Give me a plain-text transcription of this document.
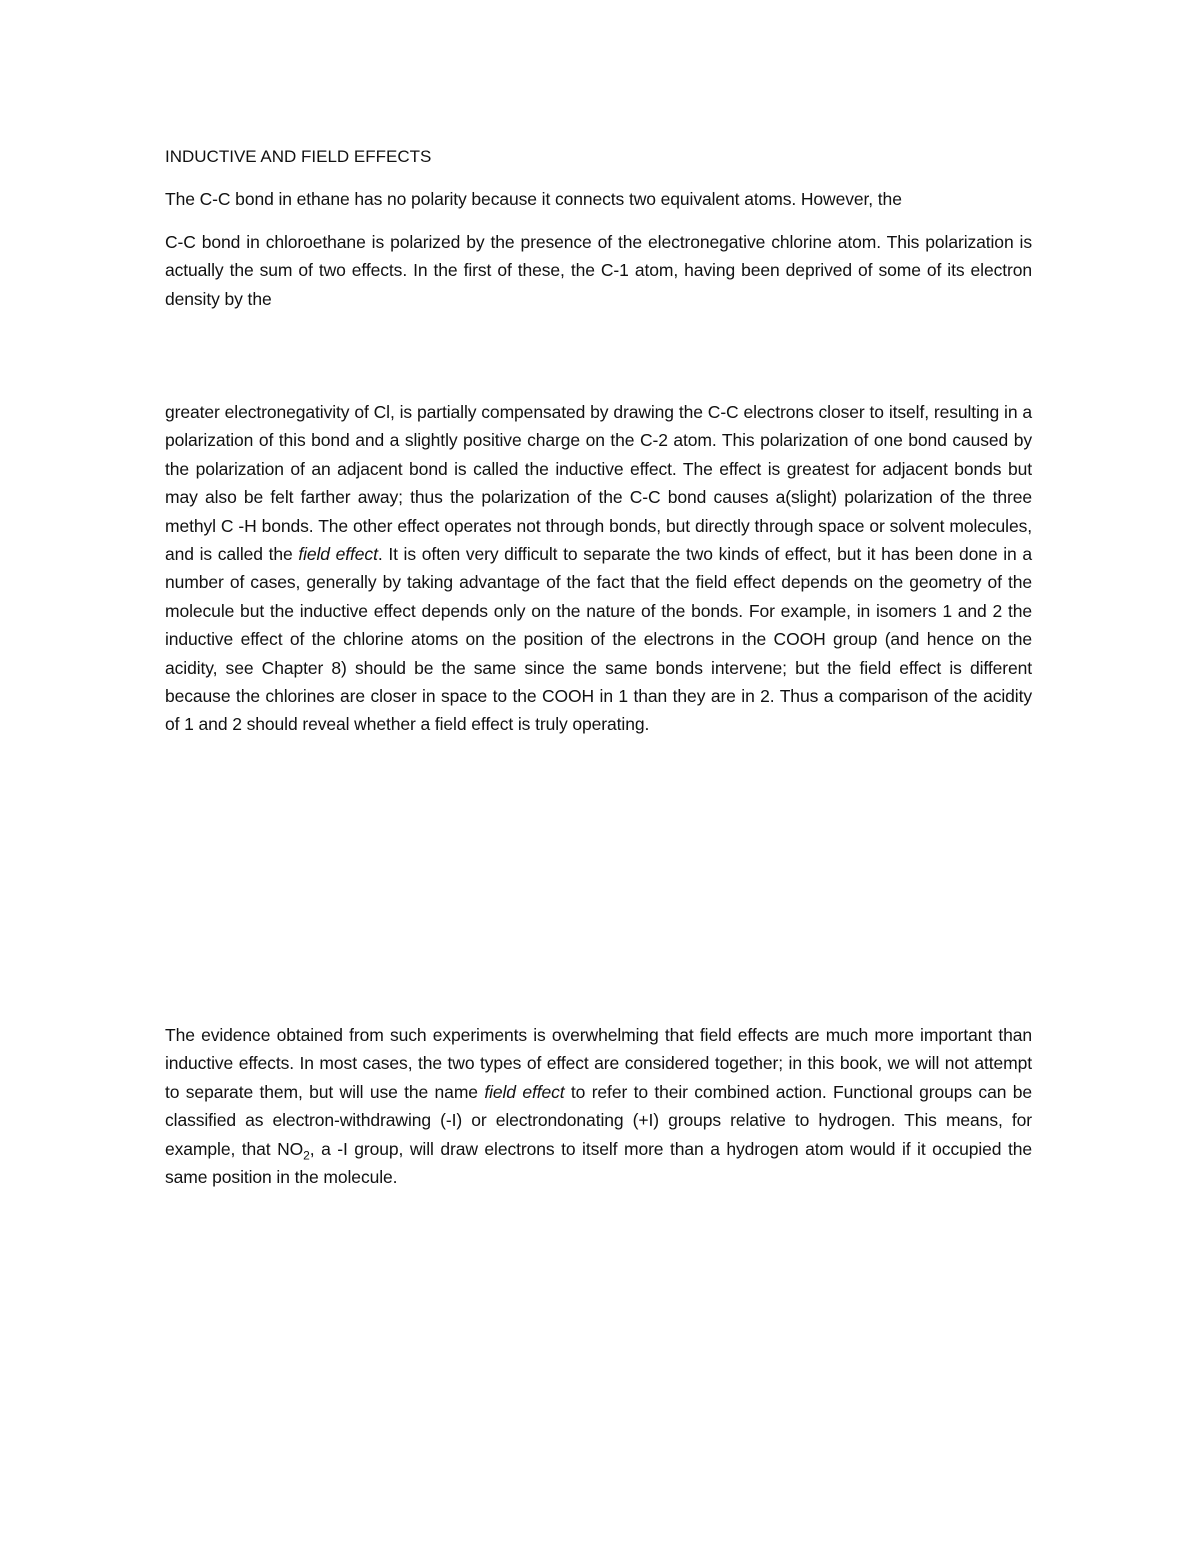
INDUCTIVE AND FIELD EFFECTS
The C-C bond in ethane has no polarity because it connects two equivalent atoms. However, the
C-C bond in chloroethane is polarized by the presence of the electronegative chlorine atom. This polarization is actually the sum of two effects. In the first of these, the C-1 atom, having been deprived of some of its electron density by the
greater electronegativity of Cl, is partially compensated by drawing the C-C electrons closer to itself, resulting in a polarization of this bond and a slightly positive charge on the C-2 atom. This polarization of one bond caused by the polarization of an adjacent bond is called the inductive effect. The effect is greatest for adjacent bonds but may also be felt farther away; thus the polarization of the C-C bond causes a(slight) polarization of the three methyl C -H bonds. The other effect operates not through bonds, but directly through space or solvent molecules, and is called the field effect. It is often very difficult to separate the two kinds of effect, but it has been done in a number of cases, generally by taking advantage of the fact that the field effect depends on the geometry of the molecule but the inductive effect depends only on the nature of the bonds. For example, in isomers 1 and 2 the inductive effect of the chlorine atoms on the position of the electrons in the COOH group (and hence on the acidity, see Chapter 8) should be the same since the same bonds intervene; but the field effect is different because the chlorines are closer in space to the COOH in 1 than they are in 2. Thus a comparison of the acidity of 1 and 2 should reveal whether a field effect is truly operating.
The evidence obtained from such experiments is overwhelming that field effects are much more important than inductive effects. In most cases, the two types of effect are considered together; in this book, we will not attempt to separate them, but will use the name field effect to refer to their combined action. Functional groups can be classified as electron-withdrawing (-I) or electrondonating (+I) groups relative to hydrogen. This means, for example, that $NO_2$, a -I group, will draw electrons to itself more than a hydrogen atom would if it occupied the same position in the molecule.
